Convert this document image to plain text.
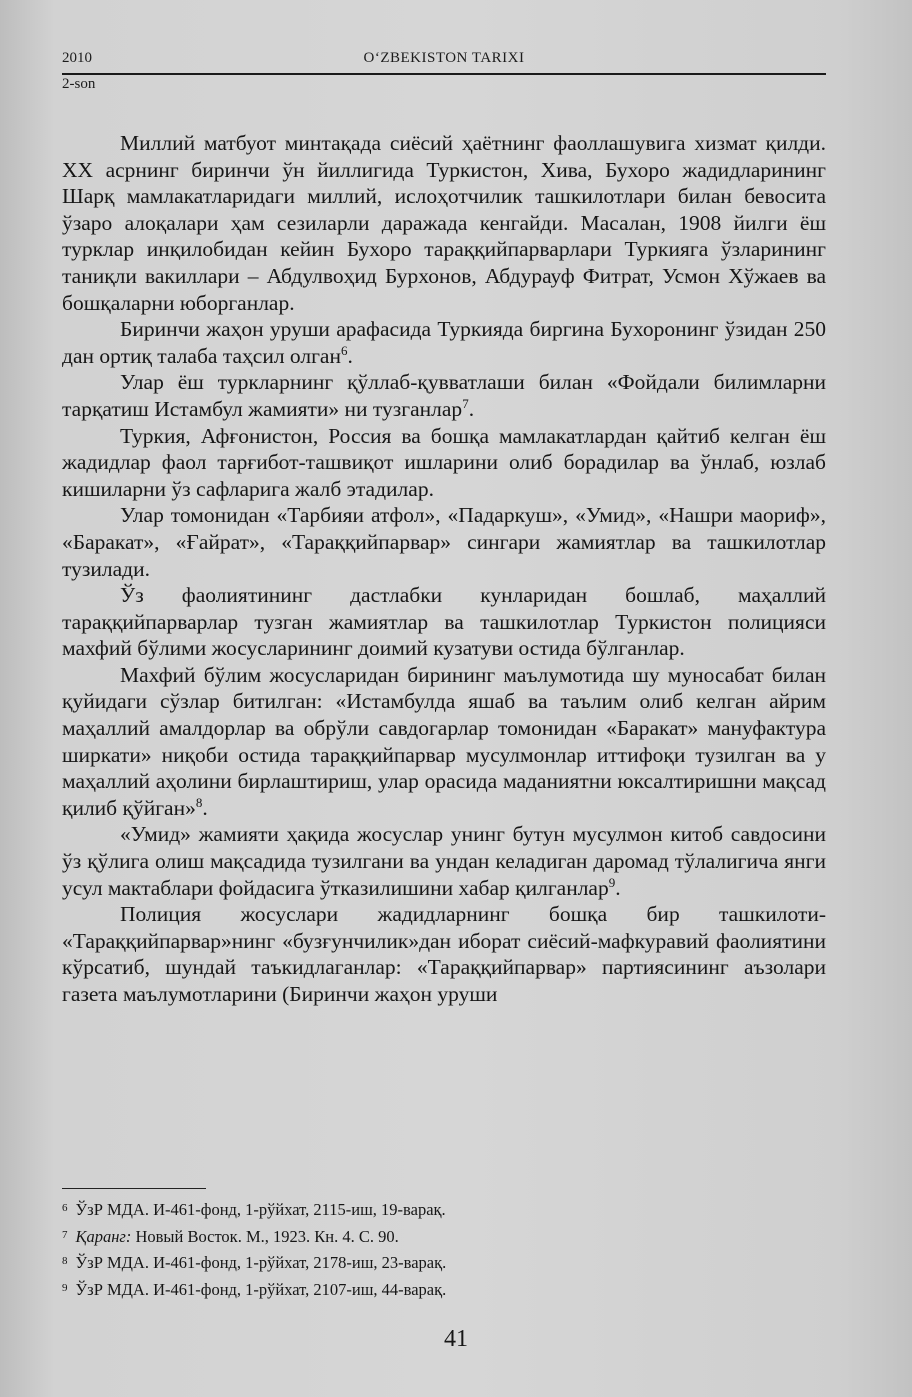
2010	O‘ZBEKISTON TARIXI
2-son

Миллий матбуот минтақада сиёсий ҳаётнинг фаоллашувига хизмат қилди. XX асрнинг биринчи ўн йиллигида Туркистон, Хива, Бухоро жадидларининг Шарқ мамлакатларидаги миллий, ислоҳотчилик ташкилотлари билан бевосита ўзаро алоқалари ҳам сезиларли даражада кенгайди. Масалан, 1908 йилги ёш турклар инқилобидан кейин Бухоро тараққийпарварлари Туркияга ўзларининг таниқли вакиллари – Абдулвоҳид Бурхонов, Абдурауф Фитрат, Усмон Хўжаев ва бошқаларни юборганлар.

Биринчи жаҳон уруши арафасида Туркияда биргина Бухоронинг ўзидан 250 дан ортиқ талаба таҳсил олган$^6$.

Улар ёш туркларнинг қўллаб-қувватлаши билан «Фойдали билимларни тарқатиш Истамбул жамияти» ни тузганлар$^7$.

Туркия, Афғонистон, Россия ва бошқа мамлакатлардан қайтиб келган ёш жадидлар фаол тарғибот-ташвиқот ишларини олиб борадилар ва ўнлаб, юзлаб кишиларни ўз сафларига жалб этадилар.

Улар томонидан «Тарбияи атфол», «Падаркуш», «Умид», «Нашри маориф», «Баракат», «Ғайрат», «Тараққийпарвар» сингари жамиятлар ва ташкилотлар тузилади.

Ўз фаолиятининг дастлабки кунларидан бошлаб, маҳаллий тараққийпарварлар тузган жамиятлар ва ташкилотлар Туркистон полицияси махфий бўлими жосусларининг доимий кузатуви остида бўлганлар.

Махфий бўлим жосусларидан бирининг маълумотида шу муносабат билан қуйидаги сўзлар битилган: «Истамбулда яшаб ва таълим олиб келган айрим маҳаллий амалдорлар ва обрўли савдогарлар томонидан «Баракат» мануфактура ширкати» ниқоби остида тараққийпарвар мусулмонлар иттифоқи тузилган ва у маҳаллий аҳолини бирлаштириш, улар орасида маданиятни юксалтиришни мақсад қилиб қўйган»$^8$.

«Умид» жамияти ҳақида жосуслар унинг бутун мусулмон китоб савдосини ўз қўлига олиш мақсадида тузилгани ва ундан келадиган даромад тўлалигича янги усул мактаблари фойдасига ўтказилишини хабар қилганлар$^9$.

Полиция жосуслари жадидларнинг бошқа бир ташкилоти- «Тараққийпарвар»нинг «бузғунчилик»дан иборат сиёсий-мафкуравий фаолиятини кўрсатиб, шундай таъкидлаганлар: «Тараққийпарвар» партиясининг аъзолари газета маълумотларини (Биринчи жаҳон уруши

$^6$ ЎзР МДА. И-461-фонд, 1-рўйхат, 2115-иш, 19-варақ.
$^7$ Қаранг: Новый Восток. М., 1923. Кн. 4. С. 90.
$^8$ ЎзР МДА. И-461-фонд, 1-рўйхат, 2178-иш, 23-варақ.
$^9$ ЎзР МДА. И-461-фонд, 1-рўйхат, 2107-иш, 44-варақ.
41
